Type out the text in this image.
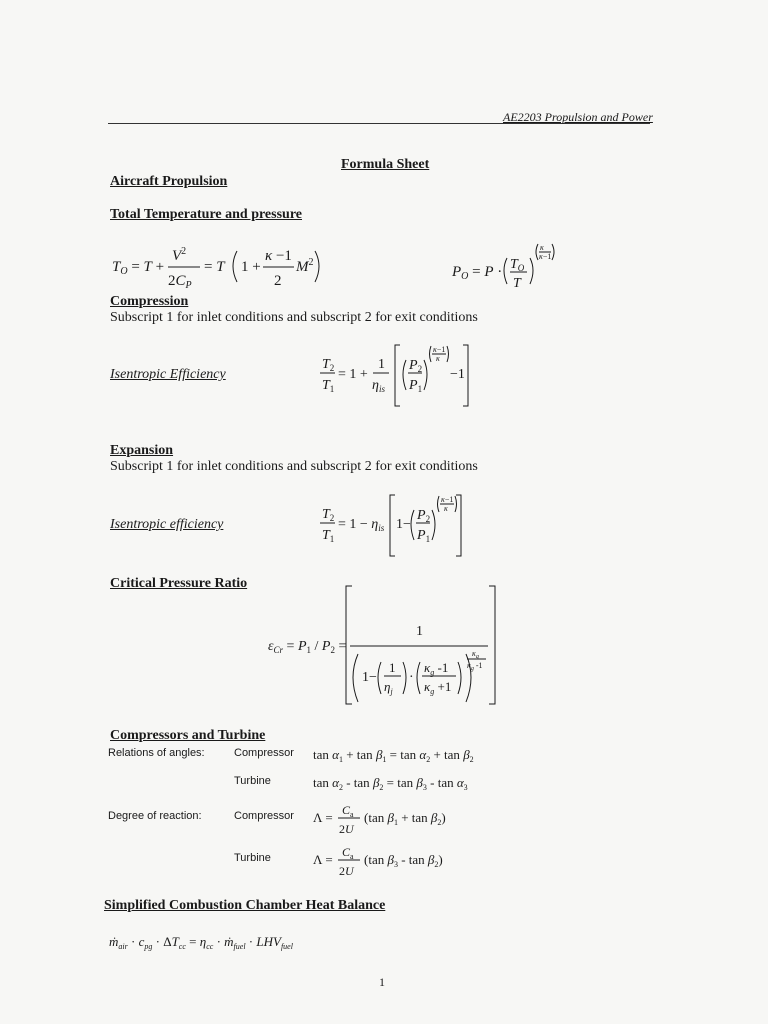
AE2203 Propulsion and Power
Formula Sheet
Aircraft Propulsion
Total Temperature and pressure
$T_O = T$ +
$V^2$
$2C_P$
= T 1 +
κ −1
2
$M^2$
$P_O = P \cdot T_O$
T
κ
κ−1
Compression
Subscript 1 for inlet conditions and subscript 2 for exit conditions
Isentropic Efficiency
$T_2$
$T_1$
= 1 +
1
$\eta_{is}$
$P_2$
$P_1$
κ−1
κ
−1
Expansion
Subscript 1 for inlet conditions and subscript 2 for exit conditions
Isentropic efficiency
$T_2$
$T_1$
= $1 - \eta_{is}$ 1−
$P_2$
$P_1$
κ−1
κ
Critical Pressure Ratio
$\varepsilon_{Cr} = P_1 / P_2$ =
1
1−
1
$\eta_j$
·
$\kappa_g$ -1
$\kappa_g +1$
$\kappa_g$
$\kappa_g$ -1
Compressors and Turbine
Relations of angles:	Compressor $\tan \alpha_1 + \tan \beta_1 = \tan \alpha_2 + \tan \beta_2$
Turbine	$\tan \alpha_2 - \tan \beta_2 = \tan \beta_3 - \tan \alpha_3$
Degree of reaction:	Compressor $\Lambda = C_a$
2U
(tan $\beta_1 + \tan \beta_2$)
Turbine	$\Lambda = C_a$
2U
(tan $\beta_3$ - $\tan \beta_2$)
Simplified Combustion Chamber Heat Balance
ṁ$_{air}$ · $c_{pg} \cdot \Delta T_{cc} = \eta_{cc}$ · ṁ$_{fuel}$ · $LHV_{fuel}$
1
